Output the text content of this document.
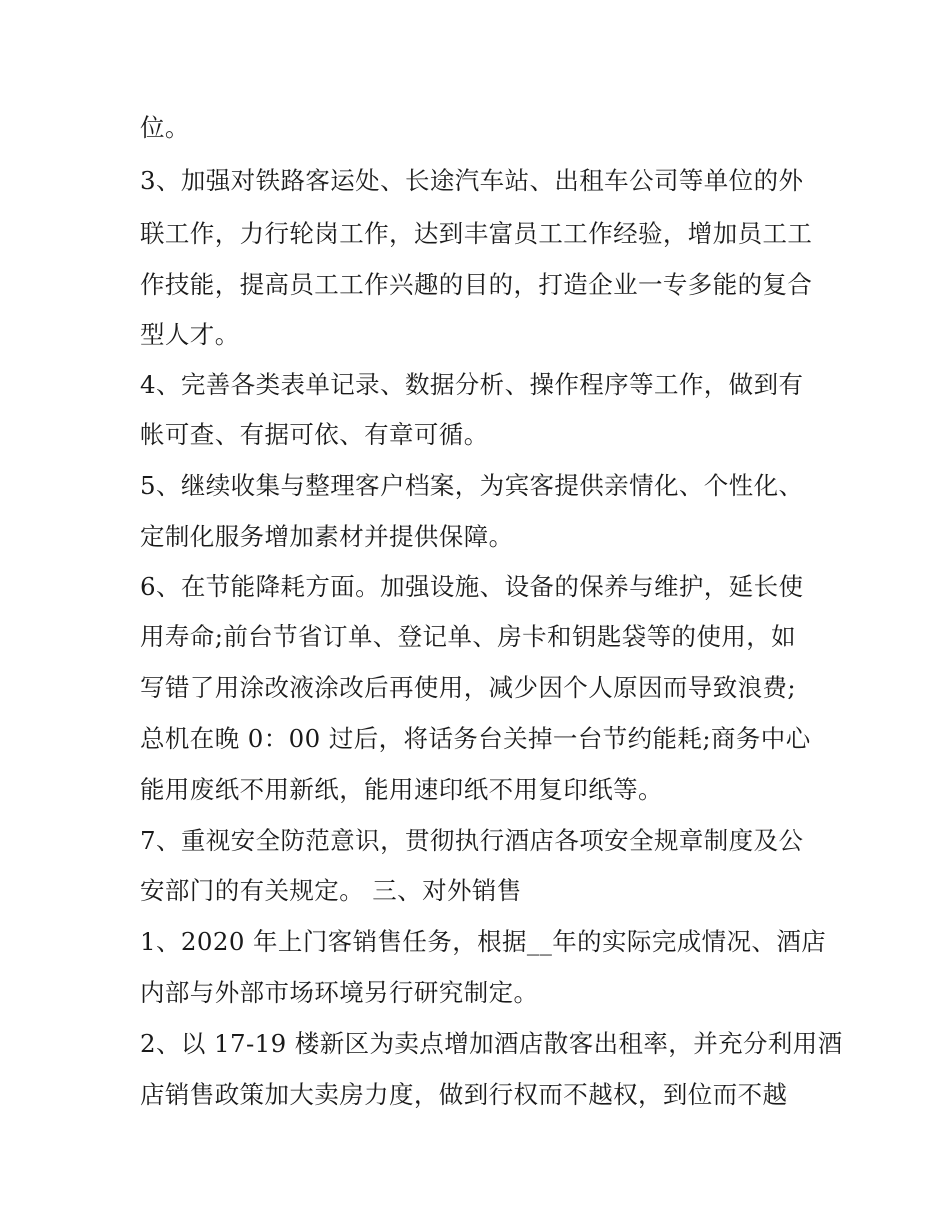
位。
3、加强对铁路客运处、长途汽车站、出租车公司等单位的外
联工作，力行轮岗工作，达到丰富员工工作经验，增加员工工
作技能，提高员工工作兴趣的目的，打造企业一专多能的复合
型人才。
4、完善各类表单记录、数据分析、操作程序等工作，做到有
帐可查、有据可依、有章可循。
5、继续收集与整理客户档案，为宾客提供亲情化、个性化、
定制化服务增加素材并提供保障。
6、在节能降耗方面。加强设施、设备的保养与维护，延长使
用寿命;前台节省订单、登记单、房卡和钥匙袋等的使用，如
写错了用涂改液涂改后再使用，减少因个人原因而导致浪费;
总机在晚 0：00 过后，将话务台关掉一台节约能耗;商务中心
能用废纸不用新纸，能用速印纸不用复印纸等。
7、重视安全防范意识，贯彻执行酒店各项安全规章制度及公
安部门的有关规定。 三、对外销售
1、2020 年上门客销售任务，根据__年的实际完成情况、酒店
内部与外部市场环境另行研究制定。
2、以 17-19 楼新区为卖点增加酒店散客出租率，并充分利用酒
店销售政策加大卖房力度，做到行权而不越权，到位而不越
